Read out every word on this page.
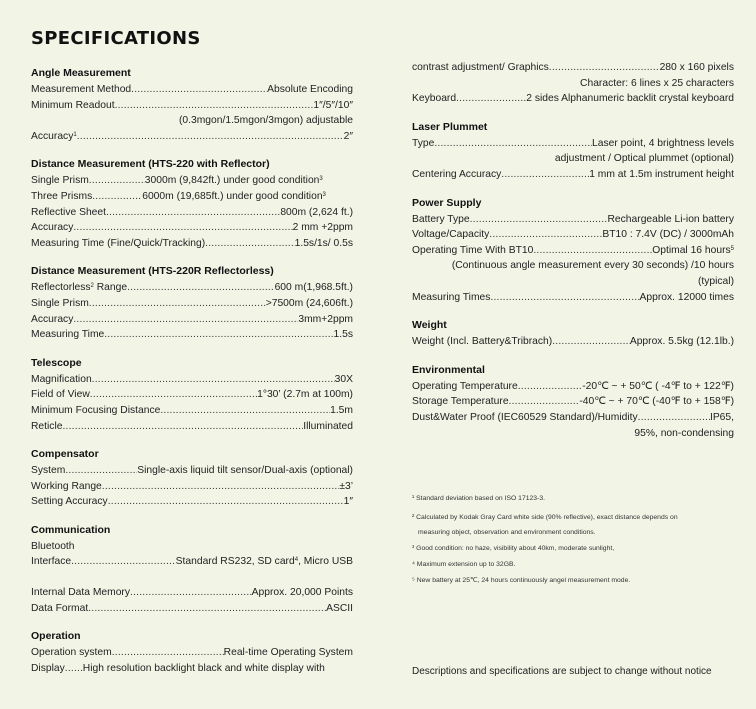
SPECIFICATIONS
Angle Measurement
Measurement Method .....	Absolute Encoding
Minimum Readout .....	1″/5″/10″
(0.3mgon/1.5mgon/3mgon) adjustable
Accuracy$^1$ .....	2″
Distance Measurement (HTS-220 with Reflector)
Single Prism .....	3000m (9,842ft.) under good condition$^3$
Three Prisms .....	6000m (19,685ft.) under good condition$^3$
Reflective Sheet .....	800m (2,624 ft.)
Accuracy .....	2 mm +2ppm
Measuring Time (Fine/Quick/Tracking) .....	1.5s/1s/ 0.5s
Distance Measurement (HTS-220R Reflectorless)
Reflectorless$^2$ Range .....	600 m(1,968.5ft.)
Single Prism .....	>7500m (24,606ft.)
Accuracy .....	3mm+2ppm
Measuring Time .....	1.5s
Telescope
Magnification .....	30X
Field of View .....	1°30’ (2.7m at 100m)
Minimum Focusing Distance .....	1.5m
Reticle .....	Illuminated
Compensator
System .....	Single-axis liquid tilt sensor/Dual-axis (optional)
Working Range .....	±3’
Setting Accuracy .....	1″
Communication
Bluetooth
Interface .....	Standard RS232, SD card$^4$, Micro USB
Internal Data Memory .....	Approx. 20,000 Points
Data Format .....	ASCII
Operation
Operation system .....	Real-time Operating System
Display ..... High resolution backlight black and white display with
contrast adjustment/ Graphics .....	280 x 160 pixels
Character: 6 lines x 25 characters
Keyboard .....	2 sides Alphanumeric backlit crystal keyboard
Laser Plummet
Type .....	Laser point, 4 brightness levels
adjustment / Optical plummet (optional)
Centering Accuracy .....	1 mm at 1.5m instrument height
Power Supply
Battery Type .....	Rechargeable Li-ion battery
Voltage/Capacity .....	BT10 : 7.4V (DC) / 3000mAh
Operating Time With BT10 .....	Optimal 16 hours$^5$
(Continuous angle measurement every 30 seconds) /10 hours
(typical)
Measuring Times .....	Approx. 12000 times
Weight
Weight (Incl. Battery&Tribrach) .....	Approx. 5.5kg (12.1lb.)
Environmental
Operating Temperature .....	-20℃ ~ + 50℃ ( -4℉ to + 122℉)
Storage Temperature .....	-40℃ ~ + 70℃ (-40℉ to + 158℉)
Dust&Water Proof (IEC60529 Standard)/Humidity .....	IP65,
95%, non-condensing
¹ Standard deviation based on ISO 17123-3.
² Calculated by Kodak Gray Card white side (90% reflective), exact distance depends on
measuring object, observation and environment conditions.
³ Good condition: no haze, visibility about 40km, moderate sunlight,
⁴ Maximum extension up to 32GB.
⁵ New battery at 25℃, 24 hours continuously angel measurement mode.
Descriptions and specifications are subject to change without notice
